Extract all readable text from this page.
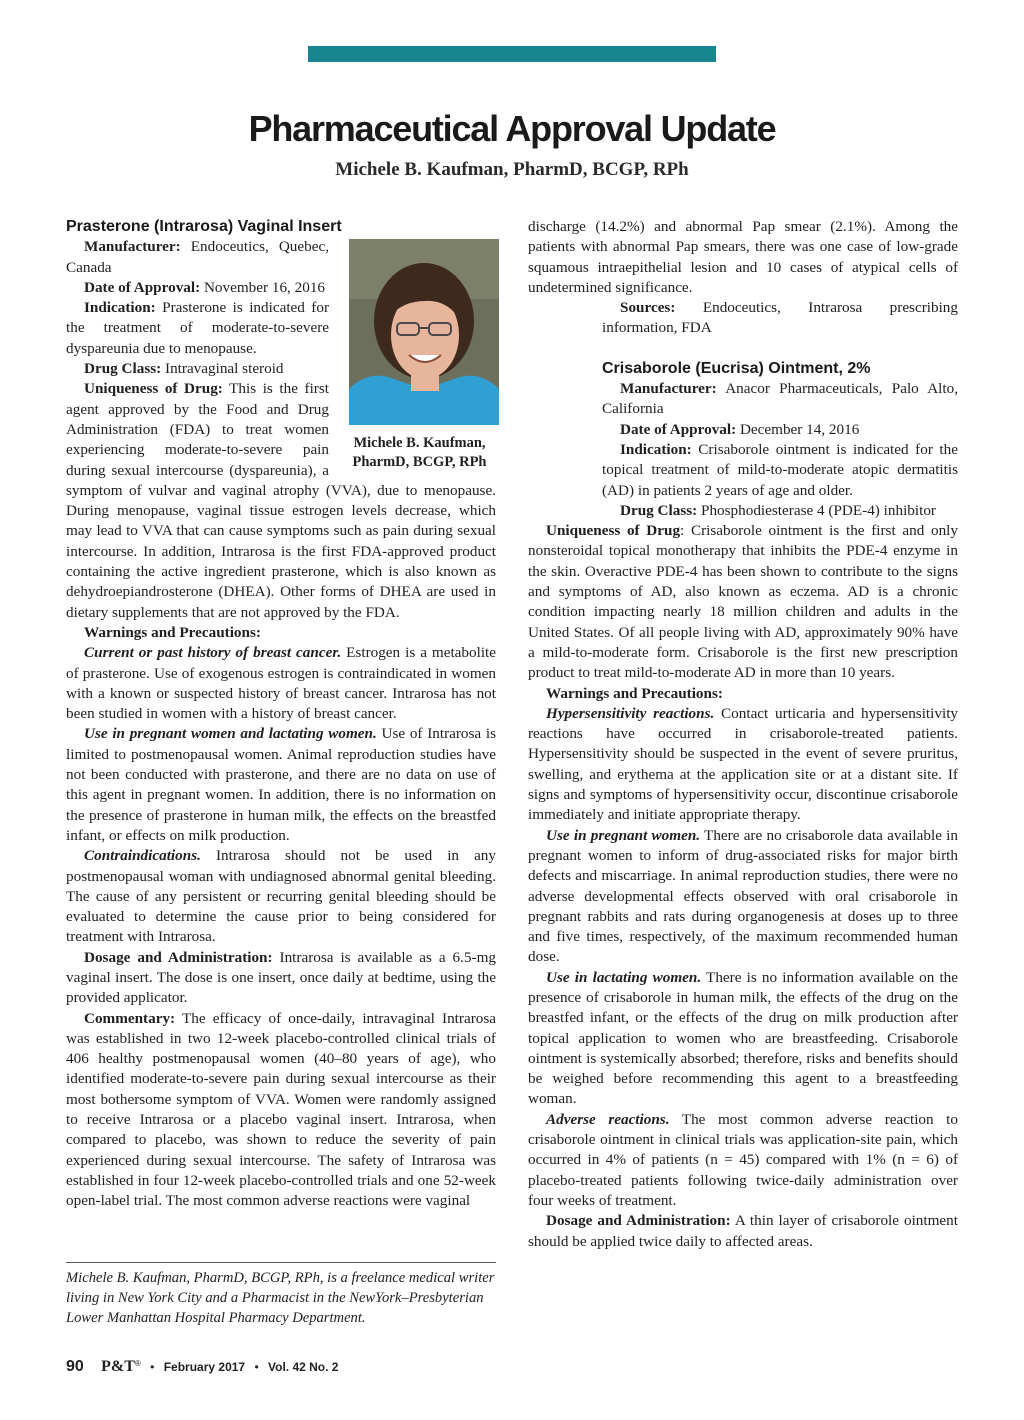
Pharmaceutical Approval Update
Michele B. Kaufman, PharmD, BCGP, RPh

Prasterone (Intrarosa) Vaginal Insert

Michele B. Kaufman,
PharmD, BCGP, RPh

Manufacturer: Endoceutics, Quebec, Canada

Date of Approval: November 16, 2016

Indication: Prasterone is indicated for the treatment of moderate-to-severe dyspareunia due to menopause.

Drug Class: Intravaginal steroid

Uniqueness of Drug: This is the first agent approved by the Food and Drug Administration (FDA) to treat women experiencing moderate-to-severe pain during sexual intercourse (dyspareunia), a symptom of vulvar and vaginal atrophy (VVA), due to menopause. During menopause, vaginal tissue estrogen levels decrease, which may lead to VVA that can cause symptoms such as pain during sexual intercourse. In addition, Intrarosa is the first FDA-approved product containing the active ingredient prasterone, which is also known as dehydroepiandrosterone (DHEA). Other forms of DHEA are used in dietary supplements that are not approved by the FDA.

Warnings and Precautions:

Current or past history of breast cancer. Estrogen is a metabolite of prasterone. Use of exogenous estrogen is contraindicated in women with a known or suspected history of breast cancer. Intrarosa has not been studied in women with a history of breast cancer.

Use in pregnant women and lactating women. Use of Intrarosa is limited to postmenopausal women. Animal reproduction studies have not been conducted with prasterone, and there are no data on use of this agent in pregnant women. In addition, there is no information on the presence of prasterone in human milk, the effects on the breastfed infant, or effects on milk production.

Contraindications. Intrarosa should not be used in any postmenopausal woman with undiagnosed abnormal genital bleeding. The cause of any persistent or recurring genital bleeding should be evaluated to determine the cause prior to being considered for treatment with Intrarosa.

Dosage and Administration: Intrarosa is available as a 6.5-mg vaginal insert. The dose is one insert, once daily at bedtime, using the provided applicator.

Commentary: The efficacy of once-daily, intravaginal Intrarosa was established in two 12-week placebo-controlled clinical trials of 406 healthy postmenopausal women (40–80 years of age), who identified moderate-to-severe pain during sexual intercourse as their most bothersome symptom of VVA. Women were randomly assigned to receive Intrarosa or a placebo vaginal insert. Intrarosa, when compared to placebo, was shown to reduce the severity of pain experienced during sexual intercourse. The safety of Intrarosa was established in four 12-week placebo-controlled trials and one 52-week open-label trial. The most common adverse reactions were vaginal

Michele B. Kaufman, PharmD, BCGP, RPh, is a freelance medical writer living in New York City and a Pharmacist in the NewYork–Presbyterian Lower Manhattan Hospital Pharmacy Department.

discharge (14.2%) and abnormal Pap smear (2.1%). Among the patients with abnormal Pap smears, there was one case of low-grade squamous intraepithelial lesion and 10 cases of atypical cells of undetermined significance.

Sources: Endoceutics, Intrarosa prescribing information, FDA

Crisaborole (Eucrisa) Ointment, 2%

Manufacturer: Anacor Pharmaceuticals, Palo Alto, California

Date of Approval: December 14, 2016

Indication: Crisaborole ointment is indicated for the topical treatment of mild-to-moderate atopic dermatitis (AD) in patients 2 years of age and older.

Drug Class: Phosphodiesterase 4 (PDE-4) inhibitor

Uniqueness of Drug: Crisaborole ointment is the first and only nonsteroidal topical monotherapy that inhibits the PDE-4 enzyme in the skin. Overactive PDE-4 has been shown to contribute to the signs and symptoms of AD, also known as eczema. AD is a chronic condition impacting nearly 18 million children and adults in the United States. Of all people living with AD, approximately 90% have a mild-to-moderate form. Crisaborole is the first new prescription product to treat mild-to-moderate AD in more than 10 years.

Warnings and Precautions:

Hypersensitivity reactions. Contact urticaria and hypersensitivity reactions have occurred in crisaborole-treated patients. Hypersensitivity should be suspected in the event of severe pruritus, swelling, and erythema at the application site or at a distant site. If signs and symptoms of hypersensitivity occur, discontinue crisaborole immediately and initiate appropriate therapy.

Use in pregnant women. There are no crisaborole data available in pregnant women to inform of drug-associated risks for major birth defects and miscarriage. In animal reproduction studies, there were no adverse developmental effects observed with oral crisaborole in pregnant rabbits and rats during organogenesis at doses up to three and five times, respectively, of the maximum recommended human dose.

Use in lactating women. There is no information available on the presence of crisaborole in human milk, the effects of the drug on the breastfed infant, or the effects of the drug on milk production after topical application to women who are breastfeeding. Crisaborole ointment is systemically absorbed; therefore, risks and benefits should be weighed before recommending this agent to a breastfeeding woman.

Adverse reactions. The most common adverse reaction to crisaborole ointment in clinical trials was application-site pain, which occurred in 4% of patients (n = 45) compared with 1% (n = 6) of placebo-treated patients following twice-daily administration over four weeks of treatment.

Dosage and Administration: A thin layer of crisaborole ointment should be applied twice daily to affected areas.

90 P&T® • February 2017 • Vol. 42 No. 2
